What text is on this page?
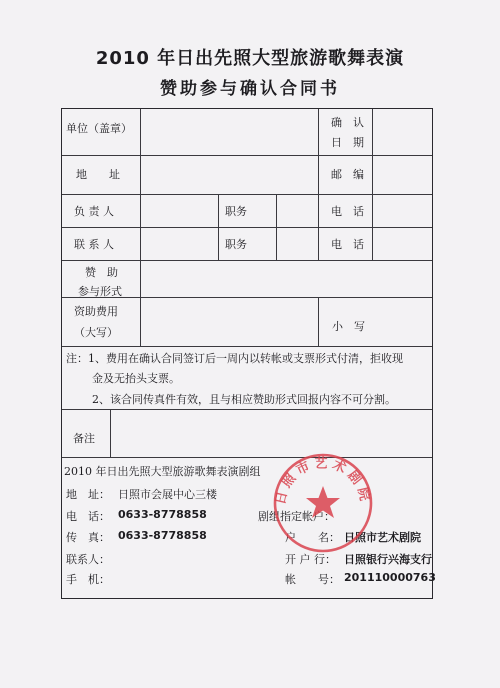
2010 年日出先照大型旅游歌舞表演
赞助参与确认合同书
单位（盖章）	确　认
日　期
地　　址	邮　编
负 责 人	职务	电　话
联 系 人	职务	电　话
赞　助
参与形式
资助费用
（大写）	小　写
注：1、费用在确认合同签订后一周内以转帐或支票形式付清，拒收现
金及无抬头支票。
2、该合同传真件有效，且与相应赞助形式回报内容不可分割。
备注
2010 年日出先照大型旅游歌舞表演剧组
地　址： 日照市会展中心三楼
电　话： 0633-8778858
传　真： 0633-8778858
联系人：
手　机：
剧组指定帐户：
户　　名： 日照市艺术剧院
开 户 行： 日照银行兴海支行
帐　　号： 201110000763
日照市艺术剧院
